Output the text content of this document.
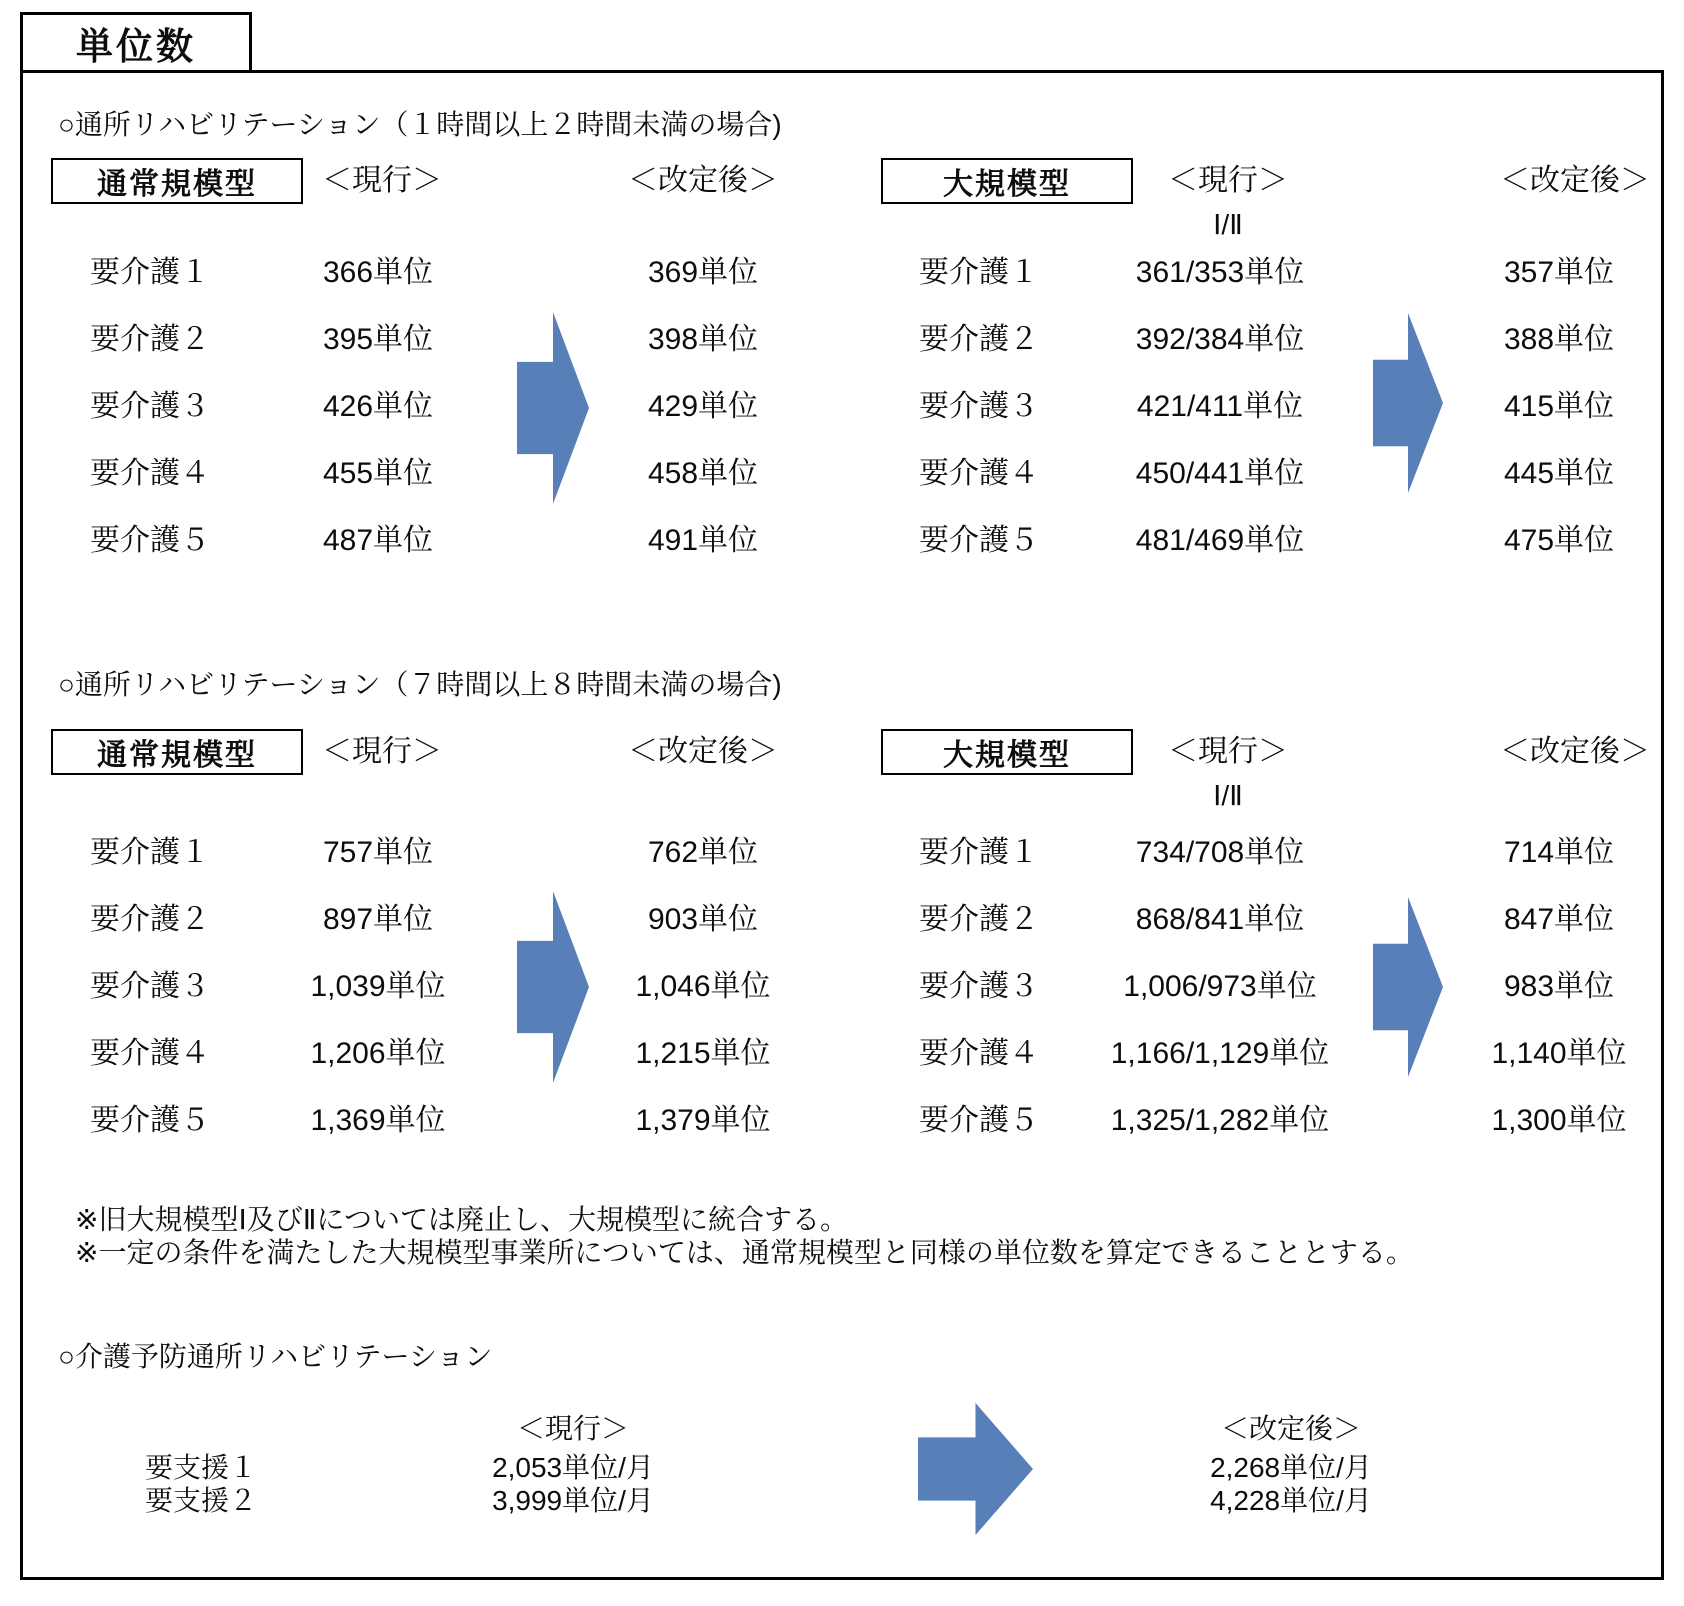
単位数
○通所リハビリテーション（１時間以上２時間未満の場合)
通常規模型	＜現行＞	＜改定後＞	大規模型	＜現行＞
Ⅰ/Ⅱ
＜改定後＞
要介護１	366単位	369単位	要介護１	361/353単位	357単位
要介護２	395単位	398単位	要介護２	392/384単位	388単位
要介護３	426単位	429単位	要介護３	421/411単位	415単位
要介護４	455単位	458単位	要介護４	450/441単位	445単位
要介護５	487単位	491単位	要介護５	481/469単位	475単位
○通所リハビリテーション（７時間以上８時間未満の場合)
通常規模型	＜現行＞	＜改定後＞	大規模型	＜現行＞
Ⅰ/Ⅱ
＜改定後＞
要介護１	757単位	762単位	要介護１	734/708単位	714単位
要介護２	897単位	903単位	要介護２	868/841単位	847単位
要介護３	1,039単位	1,046単位	要介護３	1,006/973単位	983単位
要介護４	1,206単位	1,215単位	要介護４	1,166/1,129単位	1,140単位
要介護５	1,369単位	1,379単位	要介護５	1,325/1,282単位	1,300単位
※旧大規模型Ⅰ及びⅡについては廃止し、大規模型に統合する。
※一定の条件を満たした大規模型事業所については、通常規模型と同様の単位数を算定できることとする。
○介護予防通所リハビリテーション
＜現行＞	＜改定後＞
要支援１	2,053単位/月	2,268単位/月
要支援２	3,999単位/月	4,228単位/月
